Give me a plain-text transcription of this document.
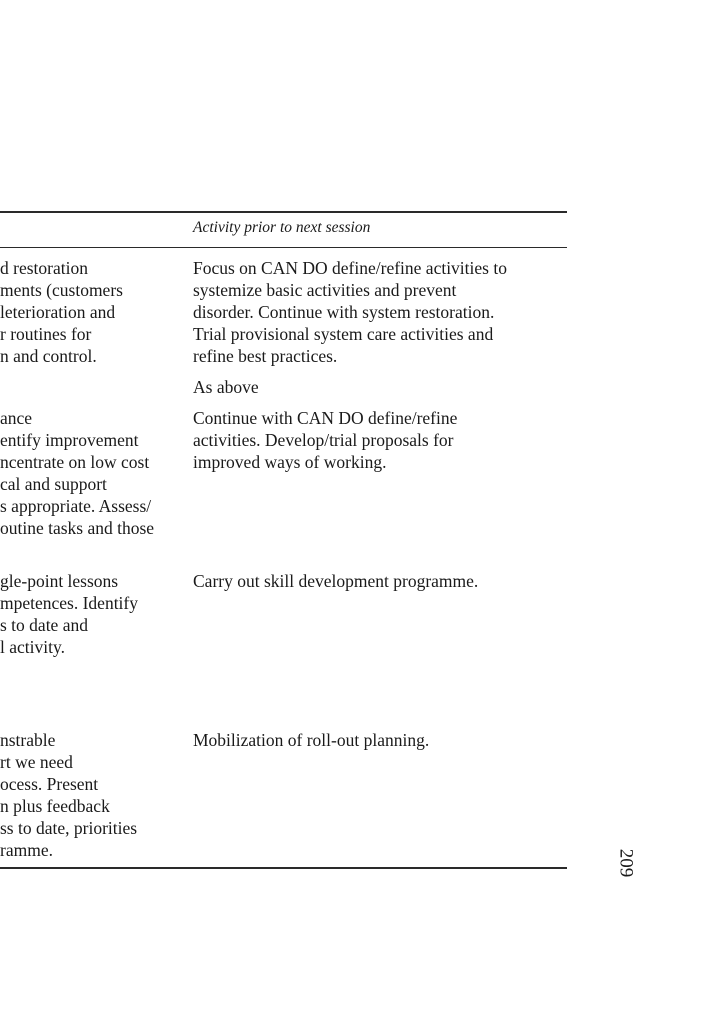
Activity prior to next session
d restoration
ments (customers
leterioration and
r routines for
n and control.
Focus on CAN DO define/refine activities to
systemize basic activities and prevent
disorder. Continue with system restoration.
Trial provisional system care activities and
refine best practices.
As above
ance
entify improvement
ncentrate on low cost
cal and support
s appropriate. Assess/
outine tasks and those
Continue with CAN DO define/refine
activities. Develop/trial proposals for
improved ways of working.
gle-point lessons
mpetences. Identify
s to date and
l activity.
Carry out skill development programme.
nstrable
rt we need
ocess. Present
n plus feedback
ss to date, priorities
ramme.
Mobilization of roll-out planning.
209
